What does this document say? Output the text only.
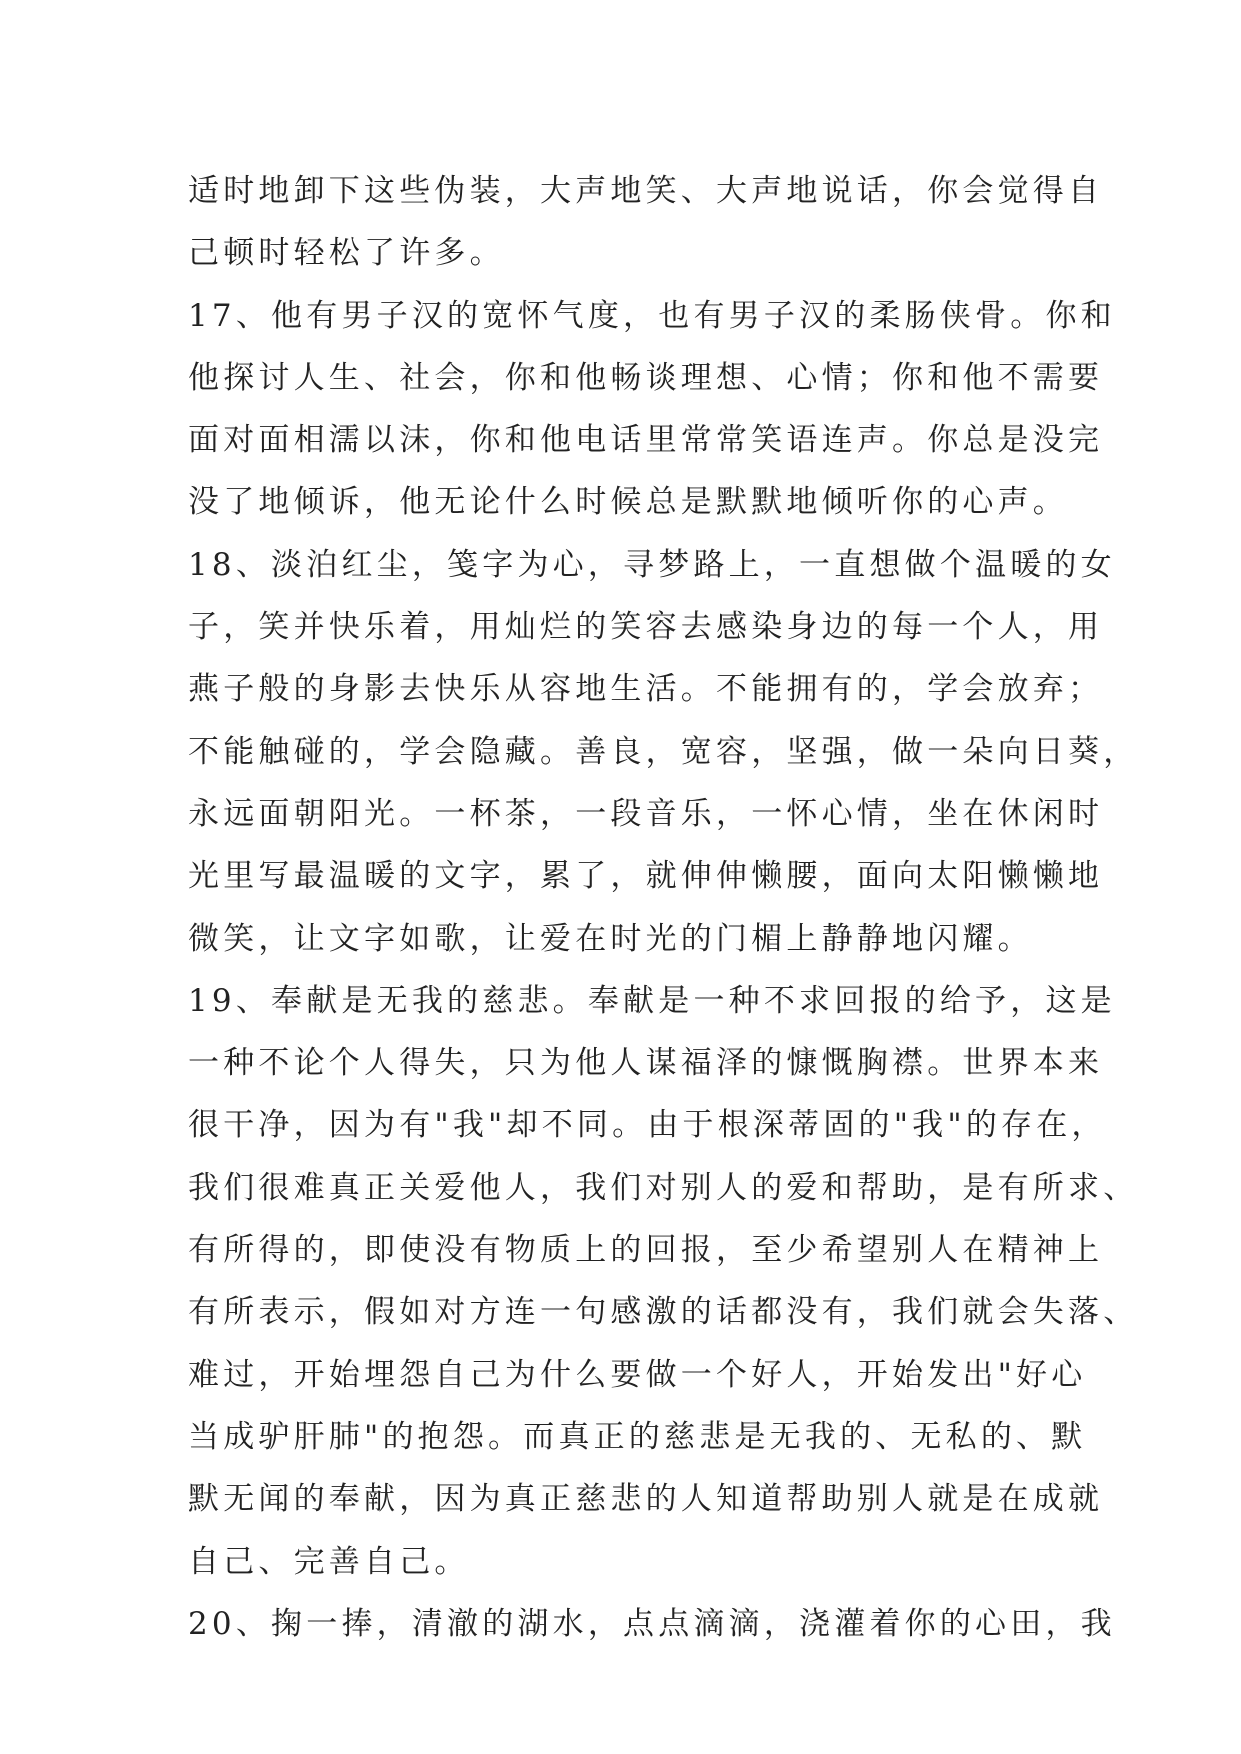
适时地卸下这些伪装，大声地笑、大声地说话，你会觉得自
己顿时轻松了许多。
17、他有男子汉的宽怀气度，也有男子汉的柔肠侠骨。你和
他探讨人生、社会，你和他畅谈理想、心情；你和他不需要
面对面相濡以沫，你和他电话里常常笑语连声。你总是没完
没了地倾诉，他无论什么时候总是默默地倾听你的心声。
18、淡泊红尘，笺字为心，寻梦路上，一直想做个温暖的女
子，笑并快乐着，用灿烂的笑容去感染身边的每一个人，用
燕子般的身影去快乐从容地生活。不能拥有的，学会放弃；
不能触碰的，学会隐藏。善良，宽容，坚强，做一朵向日葵，
永远面朝阳光。一杯茶，一段音乐，一怀心情，坐在休闲时
光里写最温暖的文字，累了，就伸伸懒腰，面向太阳懒懒地
微笑，让文字如歌，让爱在时光的门楣上静静地闪耀。
19、奉献是无我的慈悲。奉献是一种不求回报的给予，这是
一种不论个人得失，只为他人谋福泽的慷慨胸襟。世界本来
很干净，因为有"我"却不同。由于根深蒂固的"我"的存在，
我们很难真正关爱他人，我们对别人的爱和帮助，是有所求、
有所得的，即使没有物质上的回报，至少希望别人在精神上
有所表示，假如对方连一句感激的话都没有，我们就会失落、
难过，开始埋怨自己为什么要做一个好人，开始发出"好心
当成驴肝肺"的抱怨。而真正的慈悲是无我的、无私的、默
默无闻的奉献，因为真正慈悲的人知道帮助别人就是在成就
自己、完善自己。
20、掬一捧，清澈的湖水，点点滴滴，浇灌着你的心田，我
